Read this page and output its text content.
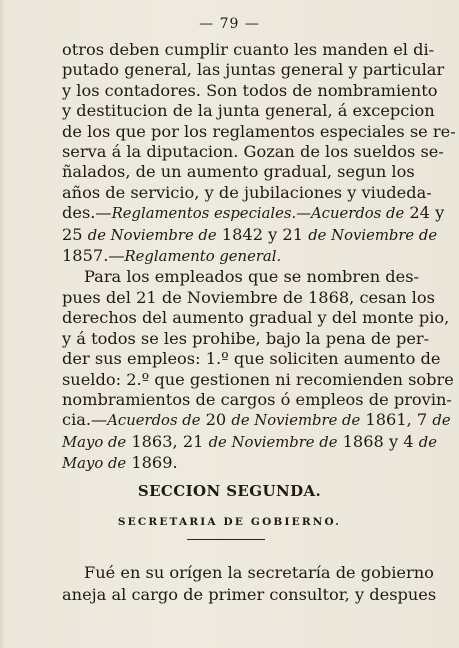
— 79 —
otros deben cumplir cuanto les manden el di-
putado general, las juntas general y particular
y los contadores. Son todos de nombramiento
y destitucion de la junta general, á excepcion
de los que por los reglamentos especiales se re-
serva á la diputacion. Gozan de los sueldos se-
ñalados, de un aumento gradual, segun los
años de servicio, y de jubilaciones y viudeda-
des.—Reglamentos especiales.—Acuerdos de 24 y
25 de Noviembre de 1842 y 21 de Noviembre de
1857.—Reglamento general.
Para los empleados que se nombren des-
pues del 21 de Noviembre de 1868, cesan los
derechos del aumento gradual y del monte pio,
y á todos se les prohibe, bajo la pena de per-
der sus empleos: 1.º que soliciten aumento de
sueldo: 2.º que gestionen ni recomienden sobre
nombramientos de cargos ó empleos de provin-
cia.—Acuerdos de 20 de Noviembre de 1861, 7 de
Mayo de 1863, 21 de Noviembre de 1868 y 4 de
Mayo de 1869.
SECCION SEGUNDA.
SECRETARIA DE GOBIERNO.
Fué en su orígen la secretaría de gobierno
aneja al cargo de primer consultor, y despues
